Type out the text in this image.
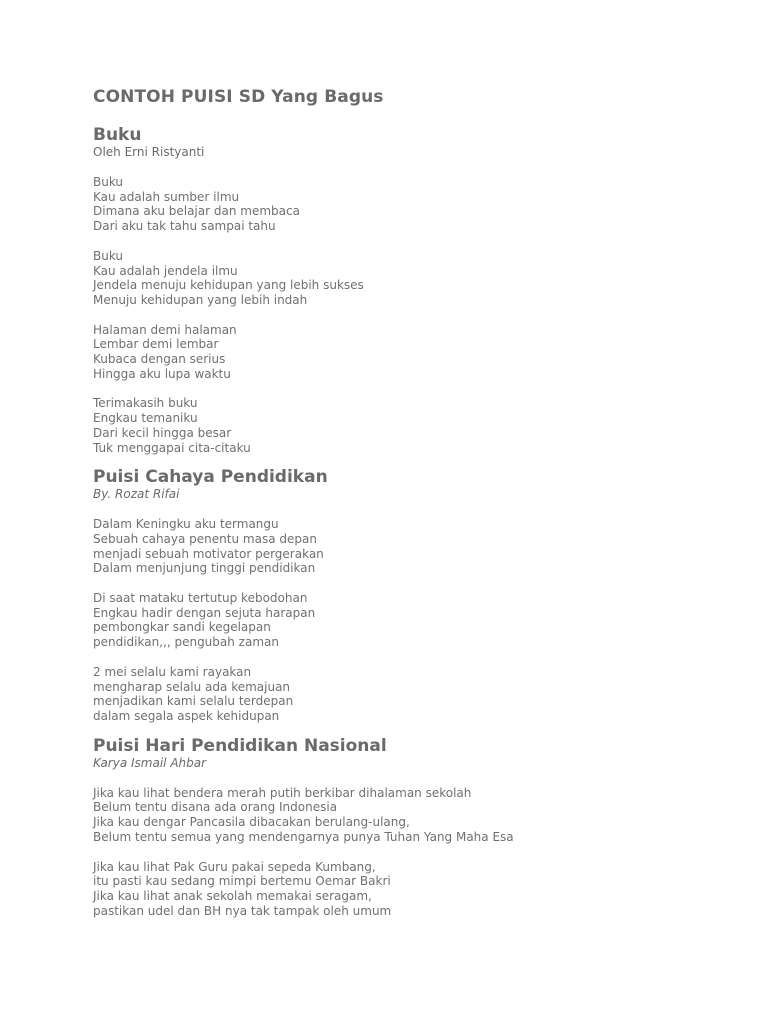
CONTOH PUISI SD Yang Bagus
Buku
Oleh Erni Ristyanti
Buku
Kau adalah sumber ilmu
Dimana aku belajar dan membaca
Dari aku tak tahu sampai tahu
Buku
Kau adalah jendela ilmu
Jendela menuju kehidupan yang lebih sukses
Menuju kehidupan yang lebih indah
Halaman demi halaman
Lembar demi lembar
Kubaca dengan serius
Hingga aku lupa waktu
Terimakasih buku
Engkau temaniku
Dari kecil hingga besar
Tuk menggapai cita-citaku
Puisi Cahaya Pendidikan
By. Rozat Rifai
Dalam Keningku aku termangu
Sebuah cahaya penentu masa depan
menjadi sebuah motivator pergerakan
Dalam menjunjung tinggi pendidikan
Di saat mataku tertutup kebodohan
Engkau hadir dengan sejuta harapan
pembongkar sandi kegelapan
pendidikan,,, pengubah zaman
2 mei selalu kami rayakan
mengharap selalu ada kemajuan
menjadikan kami selalu terdepan
dalam segala aspek kehidupan
Puisi Hari Pendidikan Nasional
Karya Ismail Ahbar
Jika kau lihat bendera merah putih berkibar dihalaman sekolah
Belum tentu disana ada orang Indonesia
Jika kau dengar Pancasila dibacakan berulang-ulang,
Belum tentu semua yang mendengarnya punya Tuhan Yang Maha Esa
Jika kau lihat Pak Guru pakai sepeda Kumbang,
itu pasti kau sedang mimpi bertemu Oemar Bakri
Jika kau lihat anak sekolah memakai seragam,
pastikan udel dan BH nya tak tampak oleh umum
